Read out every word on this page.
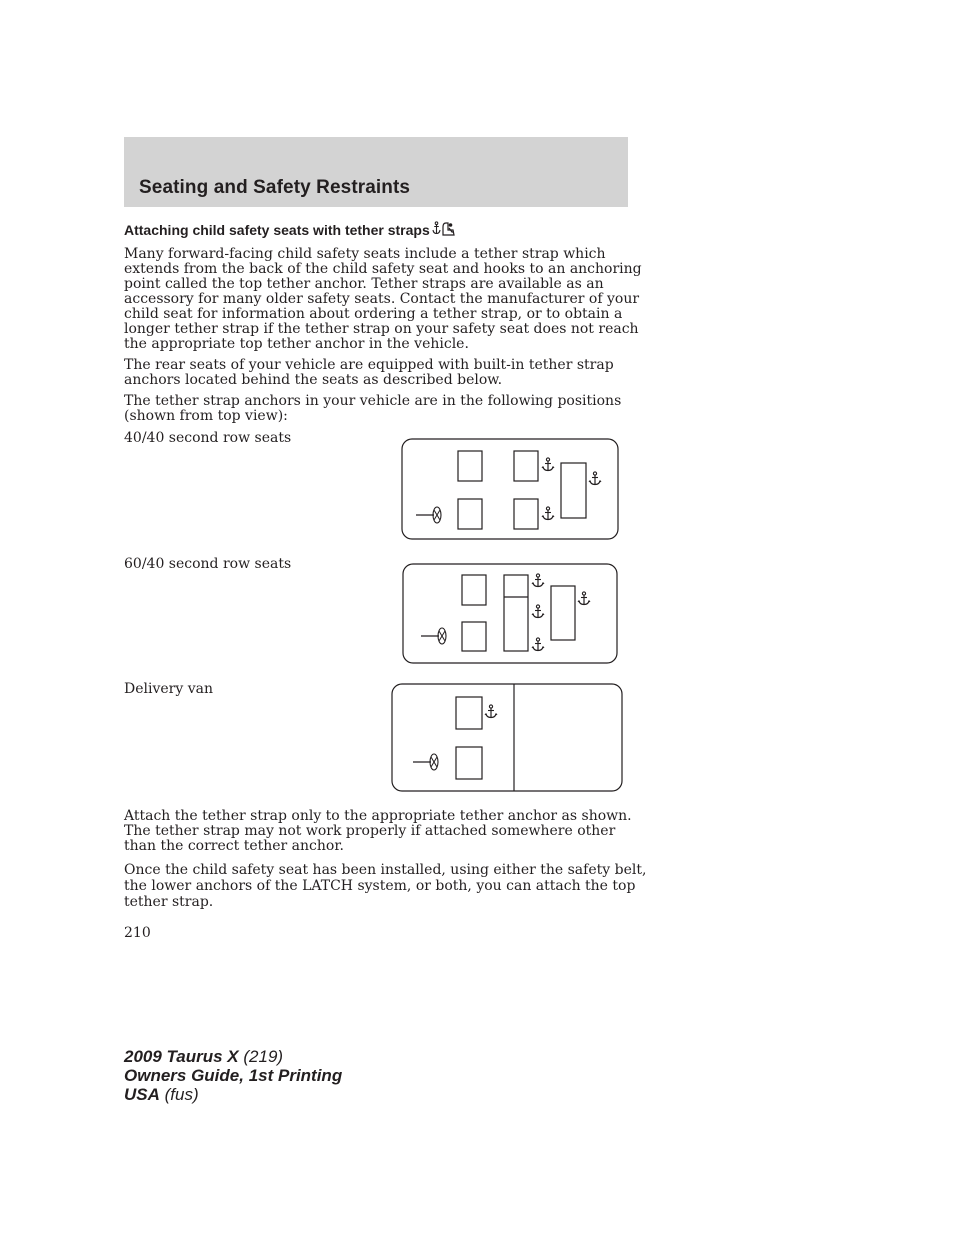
Seating and Safety Restraints
Attaching child safety seats with tether straps

Many forward-facing child safety seats include a tether strap which
extends from the back of the child safety seat and hooks to an anchoring
point called the top tether anchor. Tether straps are available as an
accessory for many older safety seats. Contact the manufacturer of your
child seat for information about ordering a tether strap, or to obtain a
longer tether strap if the tether strap on your safety seat does not reach
the appropriate top tether anchor in the vehicle.

The rear seats of your vehicle are equipped with built-in tether strap
anchors located behind the seats as described below.

The tether strap anchors in your vehicle are in the following positions
(shown from top view):

40/40 second row seats

60/40 second row seats

Delivery van

Attach the tether strap only to the appropriate tether anchor as shown.
The tether strap may not work properly if attached somewhere other
than the correct tether anchor.

Once the child safety seat has been installed, using either the safety belt,
the lower anchors of the LATCH system, or both, you can attach the top
tether strap.

210

2009 Taurus X (219)
Owners Guide, 1st Printing
USA (fus)
